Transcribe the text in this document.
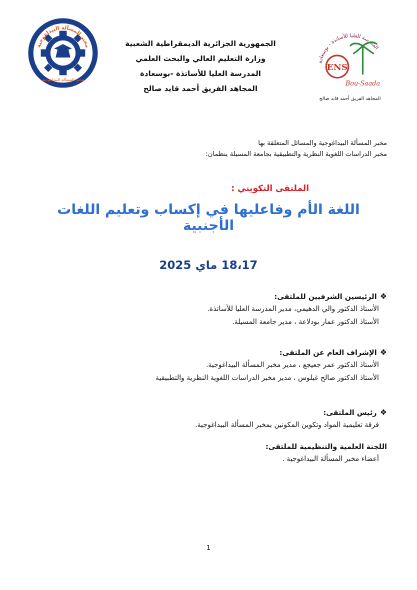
مخبر المسألة البيداغوجية
مخبر المسألة البيداغوجية
الجمهورية الجزائرية الديمقراطية الشعبية
وزارة التعليم العالي والبحث العلمي
المدرسة العليا للأساتذة -بوسعادة
المجاهد الفريق أحمد قايد صالح
المدرسة العليا للأساتذة - بوسعادة
ENS
Bou-Saada
المجاهد الفريق أحمد قايد صالح
مخبر المسألة البيداغوجية والمسائل المتعلقة بها
مخبر الدراسات اللغوية النظرية والتطبيقية بجامعة المسيلة ينظمان:
الملتقى التكويني :
اللغة الأم وفاعليها في إكساب وتعليم اللغات الأجنبية
18،17 ماي 2025
❖الرئيسين الشرفيين للملتقى:
الأستاذ الدكتور والي الدهيمي، مدير المدرسة العليا للأساتذة.
الأستاذ الدكتور عمار بودلاعة ، مدير جامعة المسيلة.
❖الإشراف العام عن الملتقى:
الأستاذ الدكتور عمر جعيجع ، مدير مخبر المسألة البيداغوجية.
الأستاذ الدكتور صالح غيلوس ، مدير مخبر الدراسات اللغوية النظرية والتطبيقية
❖رئيس الملتقى:
فرقة تعليمية المواد وتكوين المكونين بمخبر المسألة البيداغوجية.
اللجنة العلمية والتنظيمية للملتقى:
أعضاء مخبر المسألة البيداغوجية .
1
